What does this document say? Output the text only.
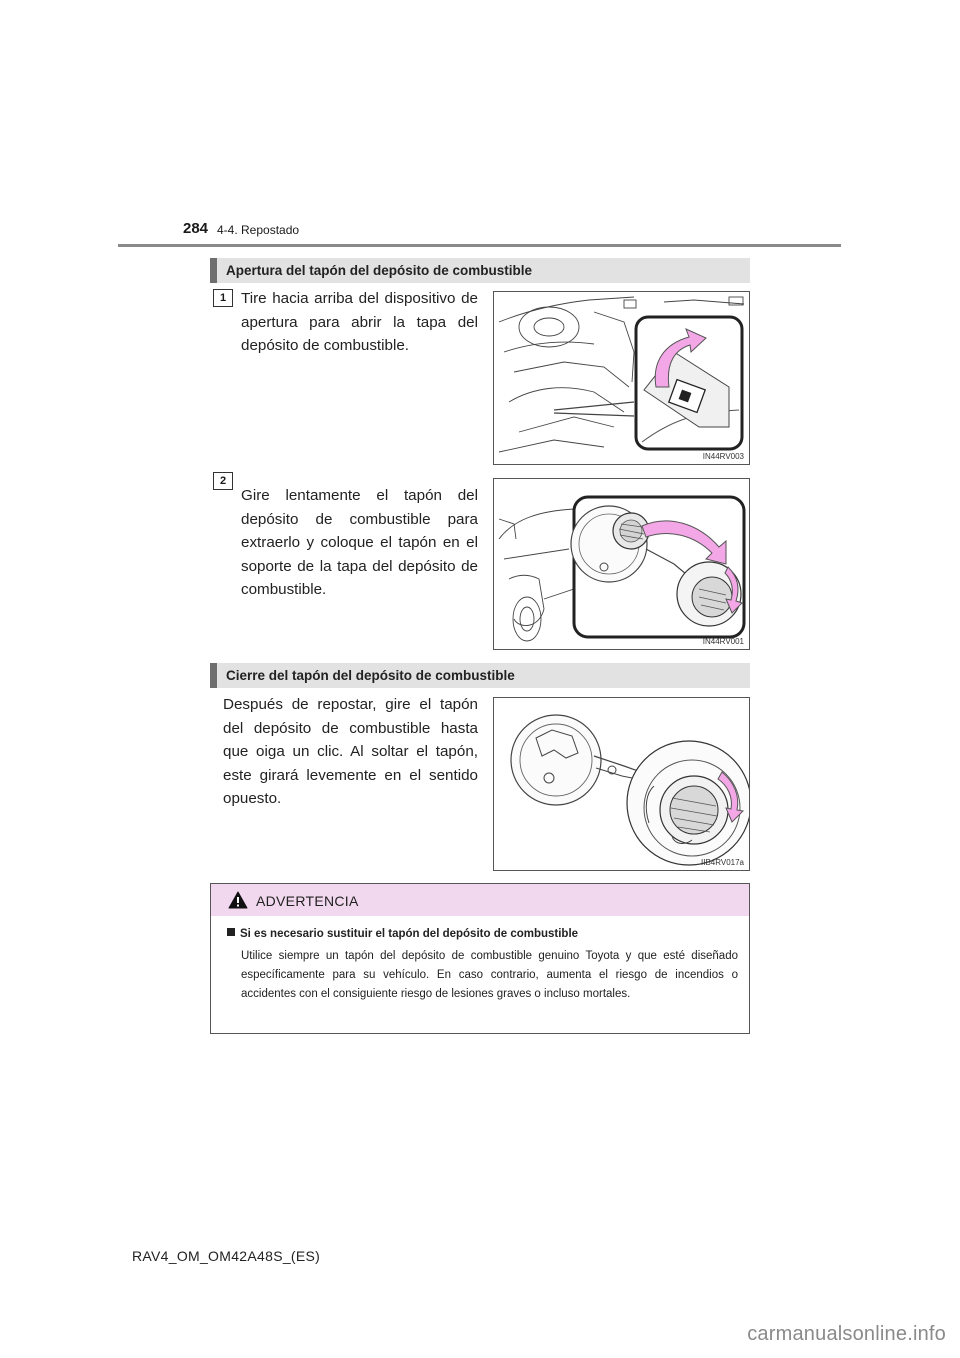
284 4-4. Repostado
Apertura del tapón del depósito de combustible
1 Tire hacia arriba del dispositivo de apertura para abrir la tapa del depósito de combustible.
IN44RV003
2
Gire lentamente el tapón del depósito de combustible para extraerlo y coloque el tapón en el soporte de la tapa del depósito de combustible.
IN44RV001
Cierre del tapón del depósito de combustible
Después de repostar, gire el tapón del depósito de combustible hasta que oiga un clic. Al soltar el tapón, este girará levemente en el sentido opuesto.
IIB4RV017a
ADVERTENCIA
Si es necesario sustituir el tapón del depósito de combustible
Utilice siempre un tapón del depósito de combustible genuino Toyota y que esté diseñado específicamente para su vehículo. En caso contrario, aumenta el riesgo de incendios o accidentes con el consiguiente riesgo de lesiones graves o incluso mortales.
RAV4_OM_OM42A48S_(ES)
carmanualsonline.info
